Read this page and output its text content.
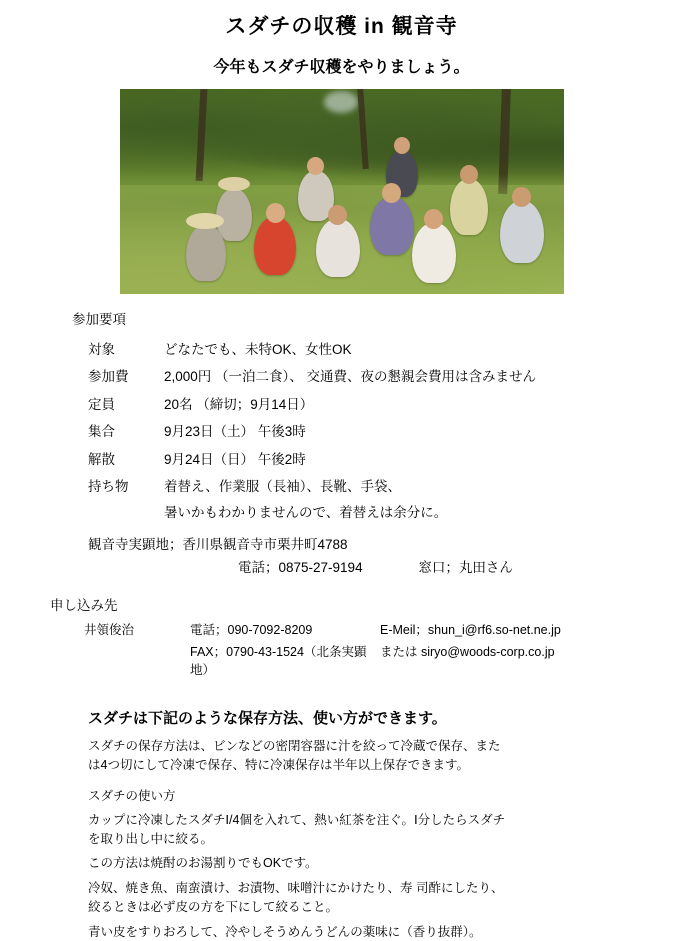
スダチの収穫 in 観音寺
今年もスダチ収穫をやりましょう。
参加要項
対象	どなたでも、未特OK、女性OK
参加費	2,000円 （一泊二食）、 交通費、夜の懇親会費用は含みません
定員	20名 （締切；9月14日）
集合	9月23日（土） 午後3時
解散	9月24日（日） 午後2時
持ち物	着替え、作業服（長袖）、長靴、手袋、
暑いかもわかりませんので、着替えは余分に。
観音寺実顕地；香川県観音寺市栗井町4788
電話；0875-27-9194	窓口；丸田さん
申し込み先
井領俊治	電話；090-7092-8209	E-Meil；shun_i@rf6.so-net.ne.jp
	FAX；0790-43-1524（北条実顕地）	または siryo@woods-corp.co.jp
スダチは下記のような保存方法、使い方ができます。
スダチの保存方法は、ビンなどの密閉容器に汁を絞って冷蔵で保存、または4つ切にして冷凍で保存、特に冷凍保存は半年以上保存できます。
スダチの使い方
カップに冷凍したスダチⅠ/4個を入れて、熱い紅茶を注ぐ。Ⅰ分したらスダチを取り出し中に絞る。
この方法は焼酎のお湯割りでもOKです。
冷奴、焼き魚、南蛮漬け、お漬物、味噌汁にかけたり、寿 司酢にしたり、絞るときは必ず皮の方を下にして絞ること。
青い皮をすりおろして、冷やしそうめんうどんの薬味に（香り抜群）。
